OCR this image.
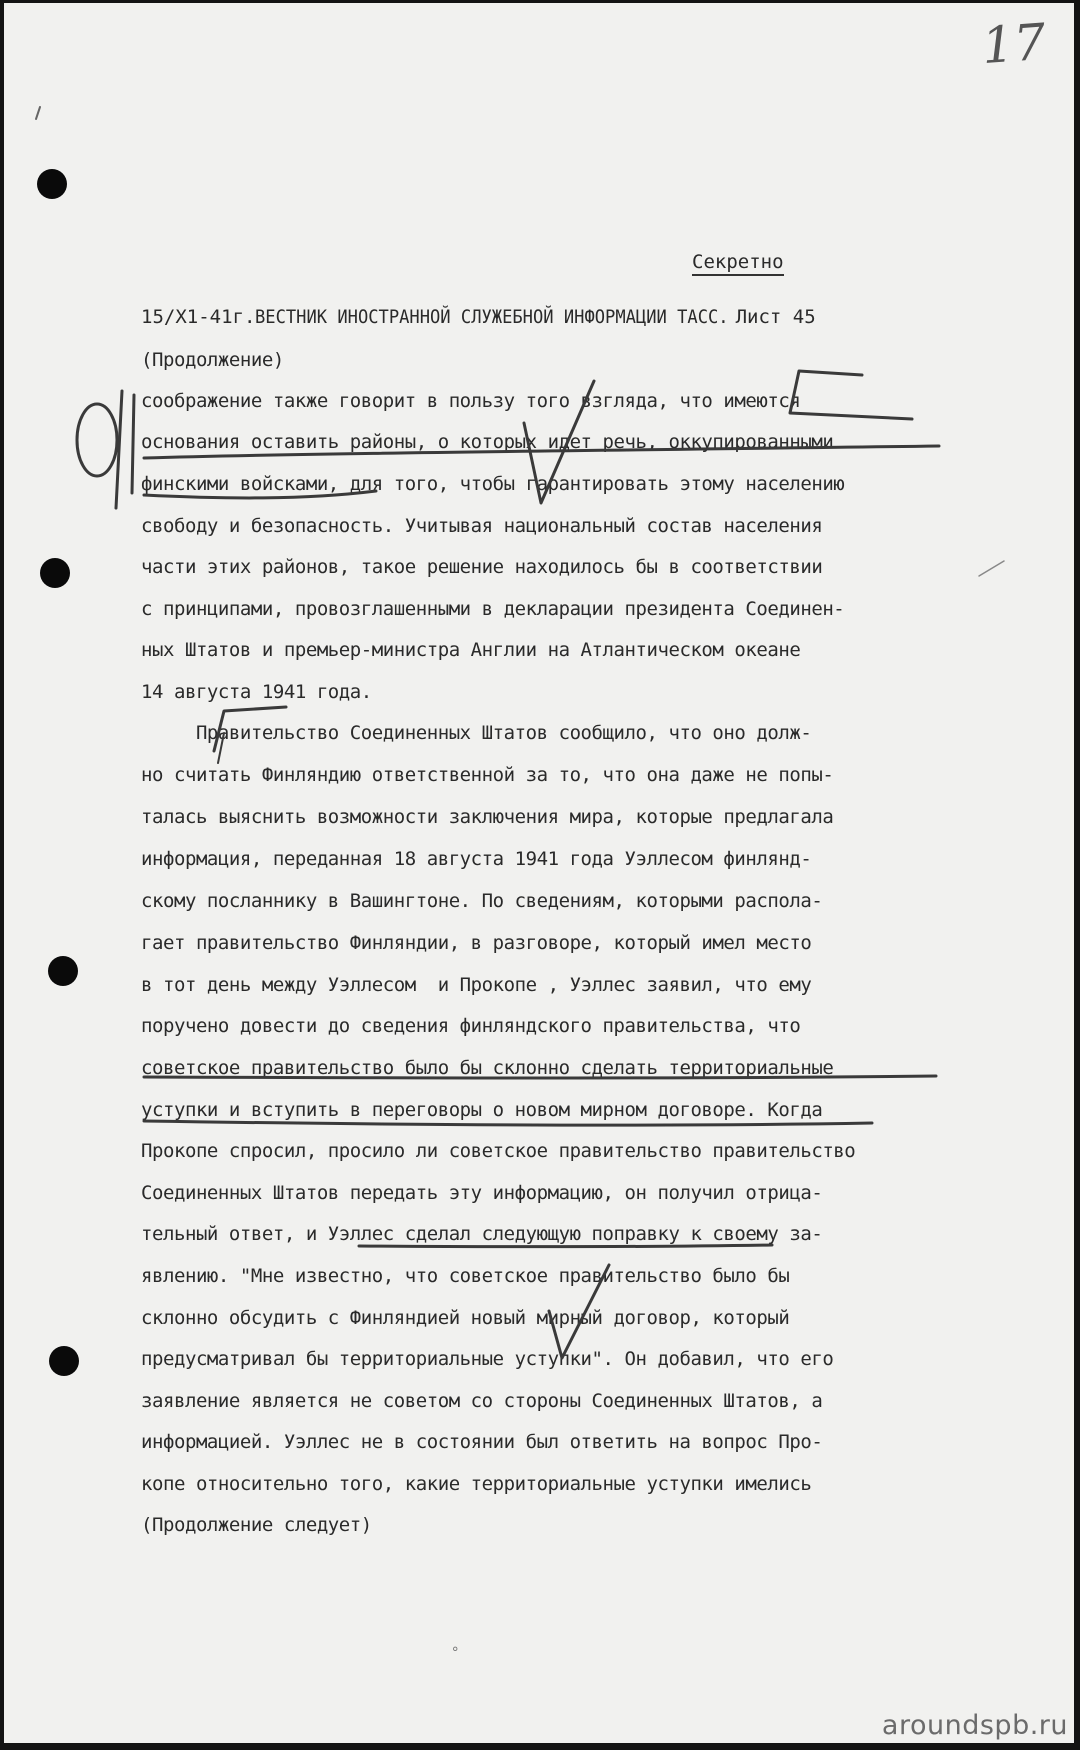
17
Секретно
15/X1-41г.ВЕСТНИК ИНОСТРАННОЙ СЛУЖЕБНОЙ ИНФОРМАЦИИ ТАСС. Лист 45
(Продолжение)
соображение также говорит в пользу того взгляда, что имеются
основания оставить районы, о которых идет речь, оккупированными
финскими войсками, для того, чтобы гарантировать этому населению
свободу и безопасность. Учитывая национальный состав населения
части этих районов, такое решение находилось бы в соответствии
с принципами, провозглашенными в декларации президента Соединен-
ных Штатов и премьер-министра Англии на Атлантическом океане
14 августа 1941 года.
Правительство Соединенных Штатов сообщило, что оно долж-
но считать Финляндию ответственной за то, что она даже не попы-
талась выяснить возможности заключения мира, которые предлагала
информация, переданная 18 августа 1941 года Уэллесом финлянд-
скому посланнику в Вашингтоне. По сведениям, которыми распола-
гает правительство Финляндии, в разговоре, который имел место
в тот день между Уэллесом  и Прокопе , Уэллес заявил, что ему
поручено довести до сведения финляндского правительства, что
советское правительство было бы склонно сделать территориальные
уступки и вступить в переговоры о новом мирном договоре. Когда
Прокопе спросил, просило ли советское правительство правительство
Соединенных Штатов передать эту информацию, он получил отрица-
тельный ответ, и Уэллес сделал следующую поправку к своему за-
явлению. "Мне известно, что советское правительство было бы
склонно обсудить с Финляндией новый мирный договор, который
предусматривал бы территориальные уступки". Он добавил, что его
заявление является не советом со стороны Соединенных Штатов, а
информацией. Уэллес не в состоянии был ответить на вопрос Про-
копе относительно того, какие территориальные уступки имелись
(Продолжение следует)
°
aroundspb.ru
